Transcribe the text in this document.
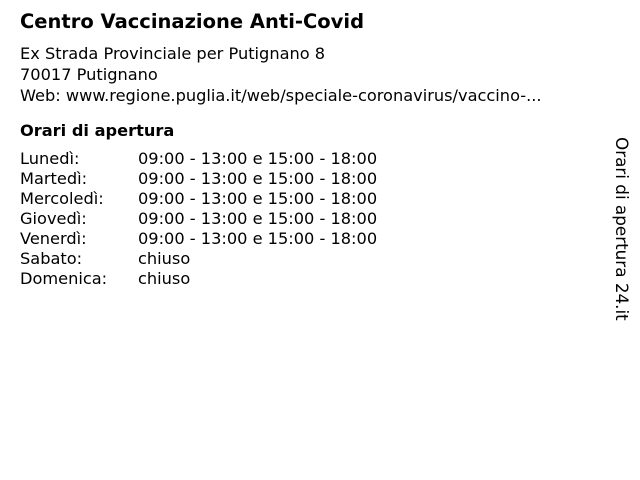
Centro Vaccinazione Anti-Covid
Ex Strada Provinciale per Putignano 8
70017 Putignano
Web: www.regione.puglia.it/web/speciale-coronavirus/vaccino-...
Orari di apertura
Lunedì:	09:00 - 13:00 e 15:00 - 18:00
Martedì:	09:00 - 13:00 e 15:00 - 18:00
Mercoledì:	09:00 - 13:00 e 15:00 - 18:00
Giovedì:	09:00 - 13:00 e 15:00 - 18:00
Venerdì:	09:00 - 13:00 e 15:00 - 18:00
Sabato:	chiuso
Domenica:	chiuso	Orari di apertura 24.it
